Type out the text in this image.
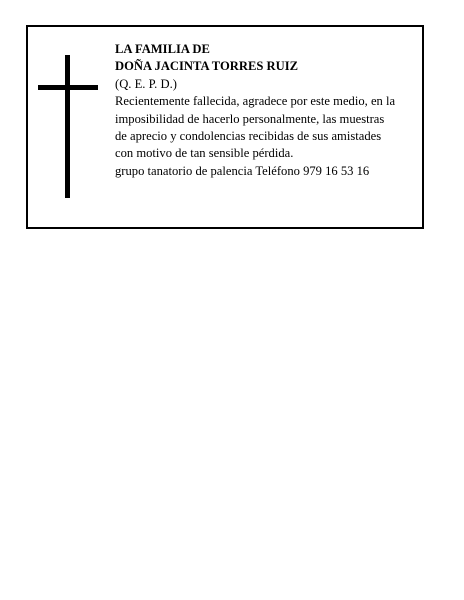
LA FAMILIA DE
DOÑA JACINTA TORRES RUIZ
(Q. E. P. D.)
Recientemente fallecida, agradece por este medio, en la
imposibilidad de hacerlo personalmente, las muestras
de aprecio y condolencias recibidas de sus amistades
con motivo de tan sensible pérdida.
grupo tanatorio de palencia Teléfono 979 16 53 16
